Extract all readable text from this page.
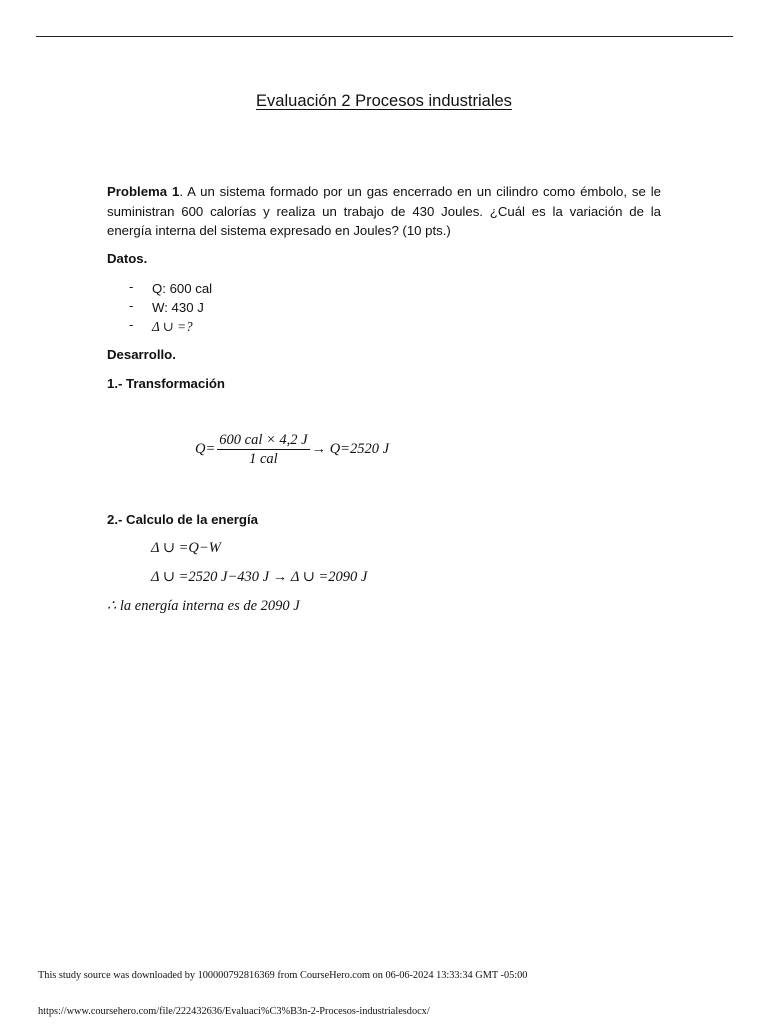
Evaluación 2 Procesos industriales
Problema 1. A un sistema formado por un gas encerrado en un cilindro como émbolo, se le suministran 600 calorías y realiza un trabajo de 430 Joules. ¿Cuál es la variación de la energía interna del sistema expresado en Joules? (10 pts.)
Datos.
- Q: 600 cal
- W: 430 J
- Δ ∪ =?
Desarrollo.
1.- Transformación
$Q= \frac{\text{600 cal × 4,2 J}}{\text{1 cal}} \to Q=2520$ J
2.- Calculo de la energía
Δ ∪ =Q−W
Δ ∪ =2520 J−430 J → Δ ∪ =2090 J
∴ la energía interna es de 2090 J
This study source was downloaded by 100000792816369 from CourseHero.com on 06-06-2024 13:33:34 GMT -05:00
https://www.coursehero.com/file/222432636/Evaluaci%C3%B3n-2-Procesos-industrialesdocx/
